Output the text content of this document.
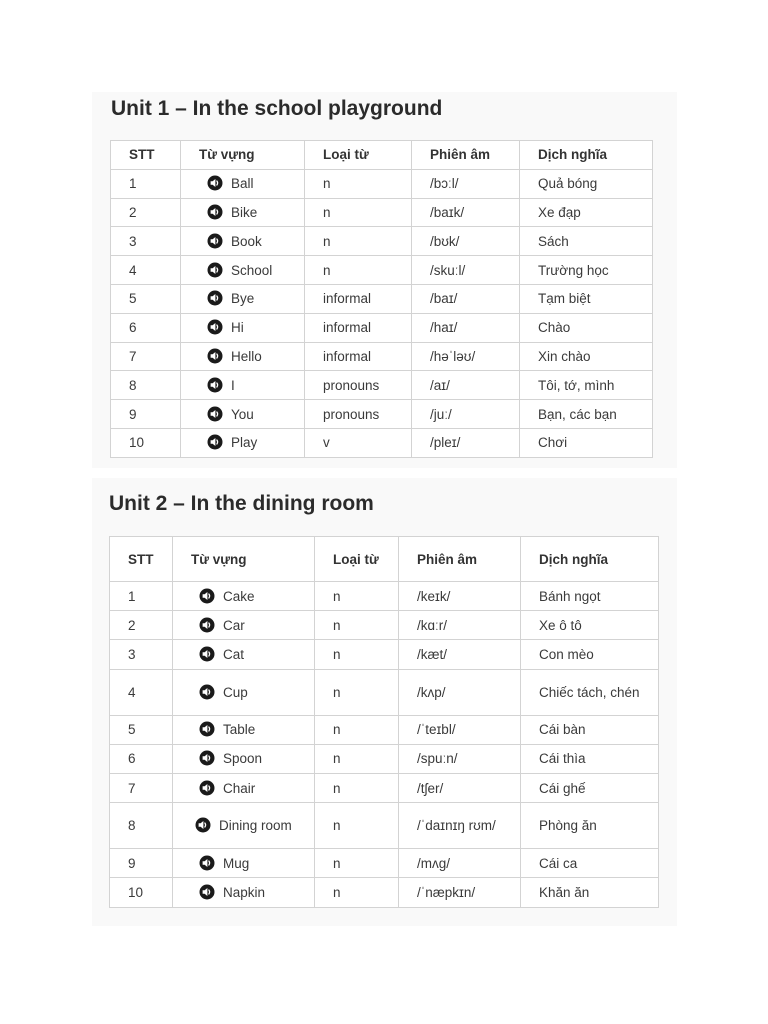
Unit 1 – In the school playground
STT	Từ vựng	Loại từ	Phiên âm	Dịch nghĩa
1	Ball	n	/bɔːl/	Quả bóng
2	Bike	n	/baɪk/	Xe đạp
3	Book	n	/bʊk/	Sách
4	School	n	/skuːl/	Trường học
5	Bye	informal	/baɪ/	Tạm biệt
6	Hi	informal	/haɪ/	Chào
7	Hello	informal	/həˈləʊ/	Xin chào
8	I	pronouns	/aɪ/	Tôi, tớ, mình
9	You	pronouns	/juː/	Bạn, các bạn
10	Play	v	/pleɪ/	Chơi
Unit 2 – In the dining room
STT	Từ vựng	Loại từ	Phiên âm	Dịch nghĩa
1	Cake	n	/keɪk/	Bánh ngọt
2	Car	n	/kɑːr/	Xe ô tô
3	Cat	n	/kæt/	Con mèo
4	Cup	n	/kʌp/	Chiếc tách, chén
5	Table	n	/ˈteɪbl/	Cái bàn
6	Spoon	n	/spuːn/	Cái thìa
7	Chair	n	/tʃer/	Cái ghế
8	Dining room	n	/ˈdaɪnɪŋ rʊm/	Phòng ăn
9	Mug	n	/mʌg/	Cái ca
10	Napkin	n	/ˈnæpkɪn/	Khăn ăn
